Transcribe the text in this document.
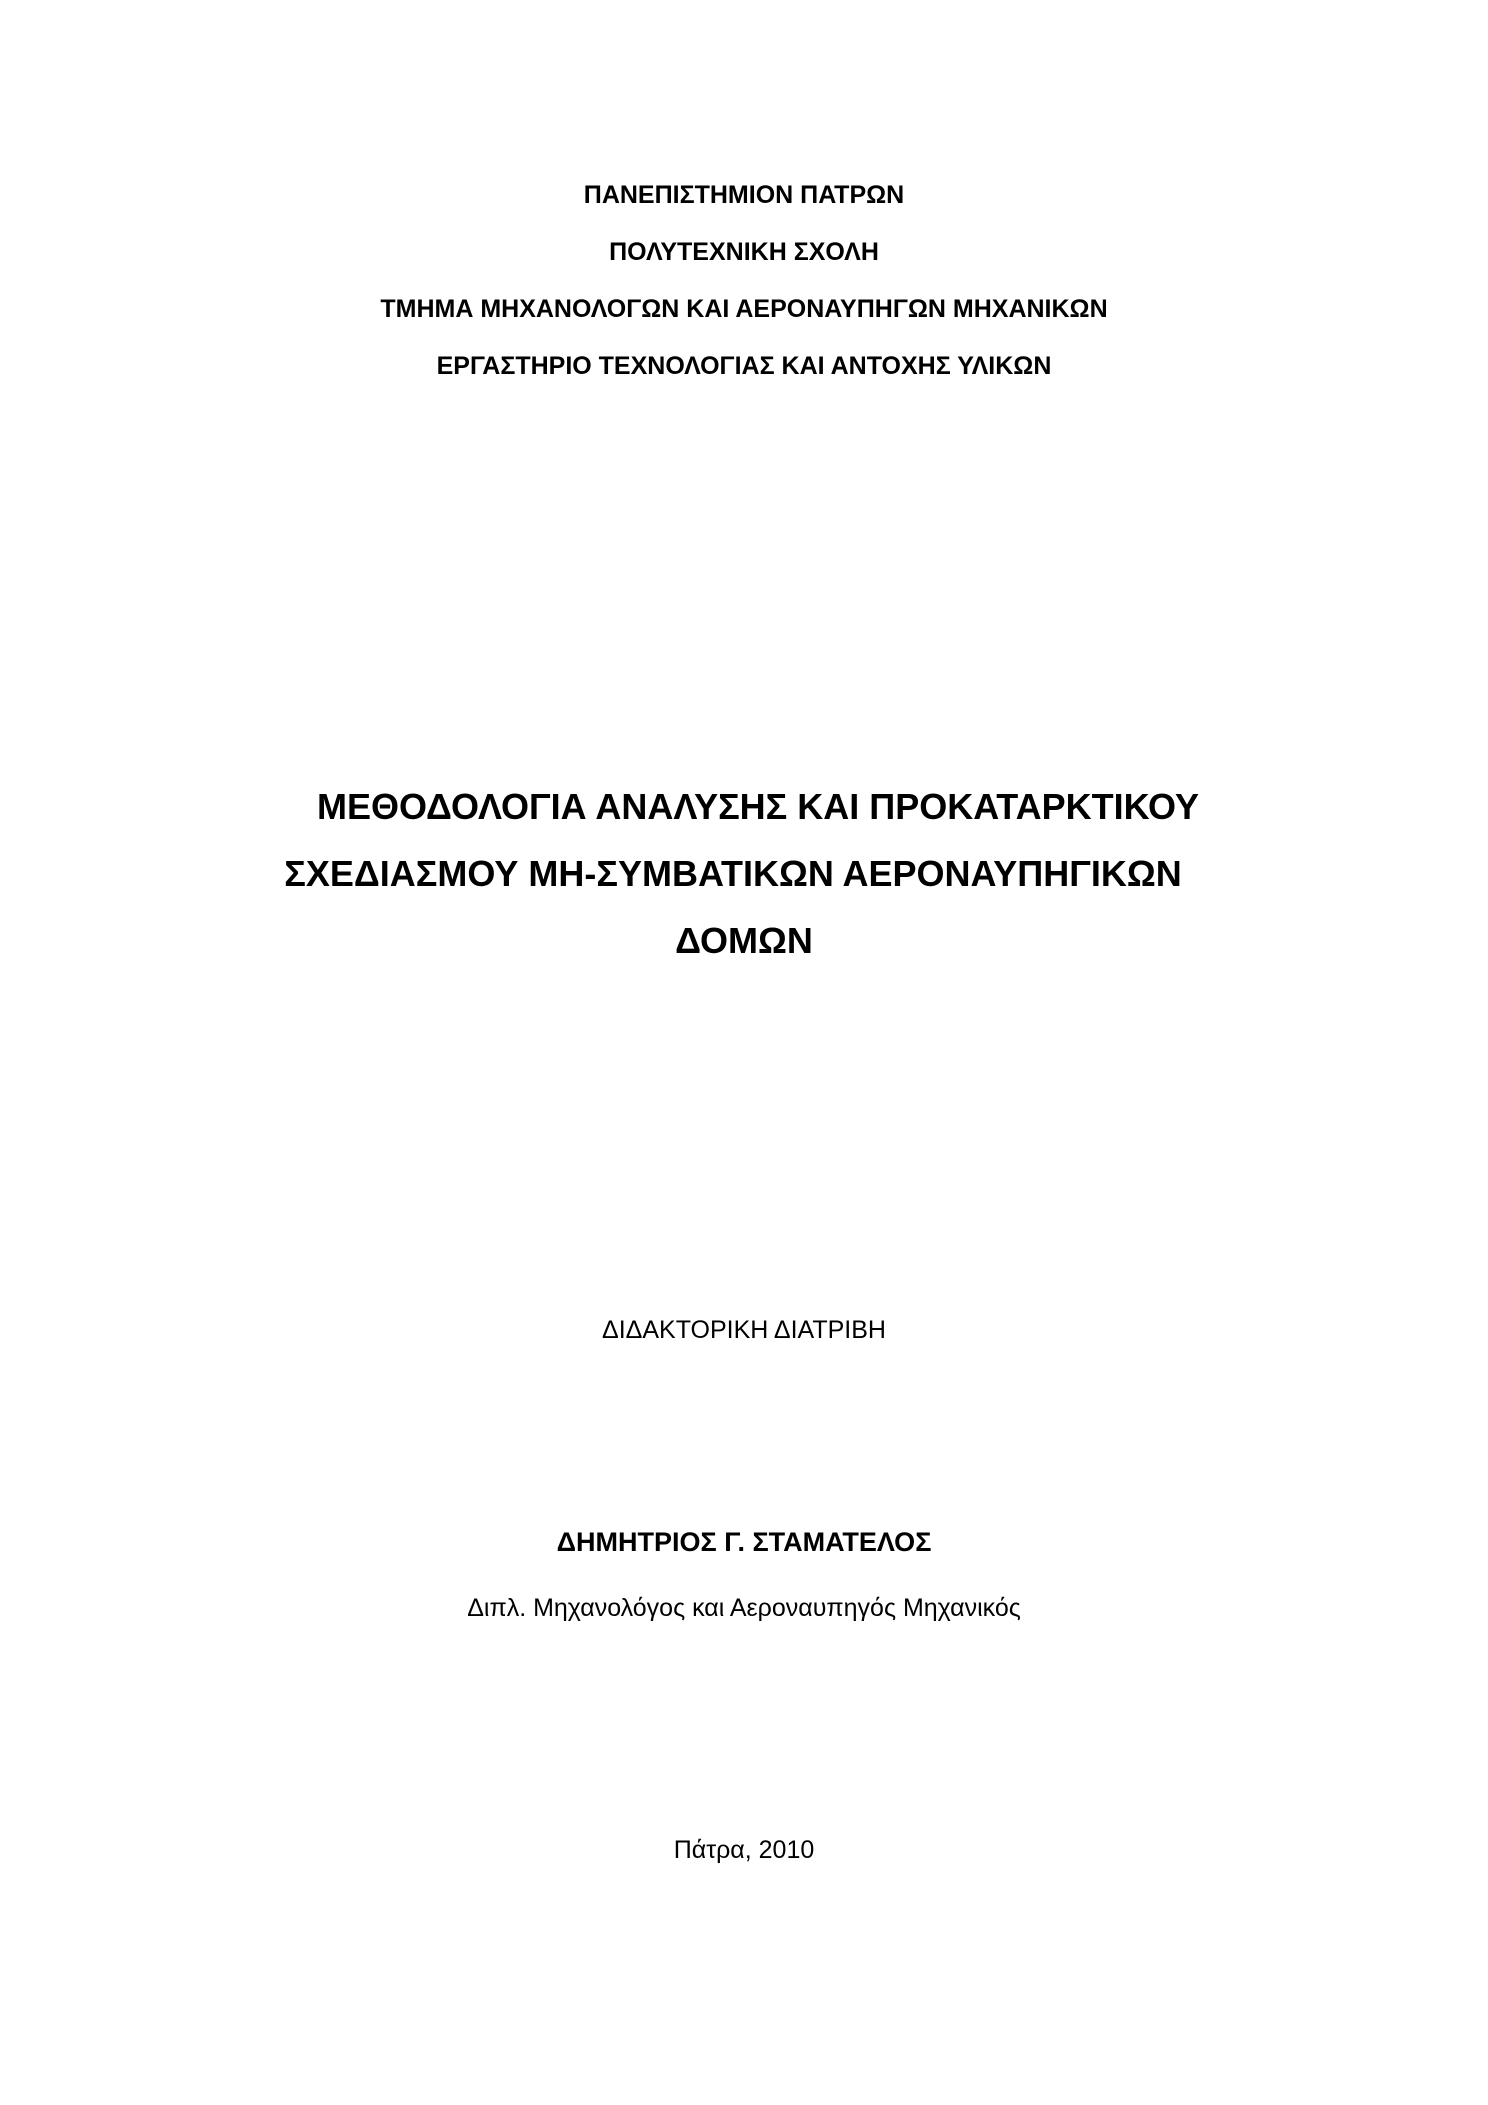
ΠΑΝΕΠΙΣΤΗΜΙΟΝ ΠΑΤΡΩΝ

ΠΟΛΥΤΕΧΝΙΚΗ ΣΧΟΛΗ

ΤΜΗΜΑ ΜΗΧΑΝΟΛΟΓΩΝ ΚΑΙ ΑΕΡΟΝΑΥΠΗΓΩΝ ΜΗΧΑΝΙΚΩΝ

ΕΡΓΑΣΤΗΡΙΟ ΤΕΧΝΟΛΟΓΙΑΣ ΚΑΙ ΑΝΤΟΧΗΣ ΥΛΙΚΩΝ

ΜΕΘΟΔΟΛΟΓΙΑ ΑΝΑΛΥΣΗΣ ΚΑΙ ΠΡΟΚΑΤΑΡΚΤΙΚΟΥ

ΣΧΕΔΙΑΣΜΟΥ ΜΗ-ΣΥΜΒΑΤΙΚΩΝ ΑΕΡΟΝΑΥΠΗΓΙΚΩΝ

ΔΟΜΩΝ

ΔΙΔΑΚΤΟΡΙΚΗ ΔΙΑΤΡΙΒΗ

ΔΗΜΗΤΡΙΟΣ Γ. ΣΤΑΜΑΤΕΛΟΣ

Διπλ. Μηχανολόγος και Αεροναυπηγός Μηχανικός

Πάτρα, 2010
